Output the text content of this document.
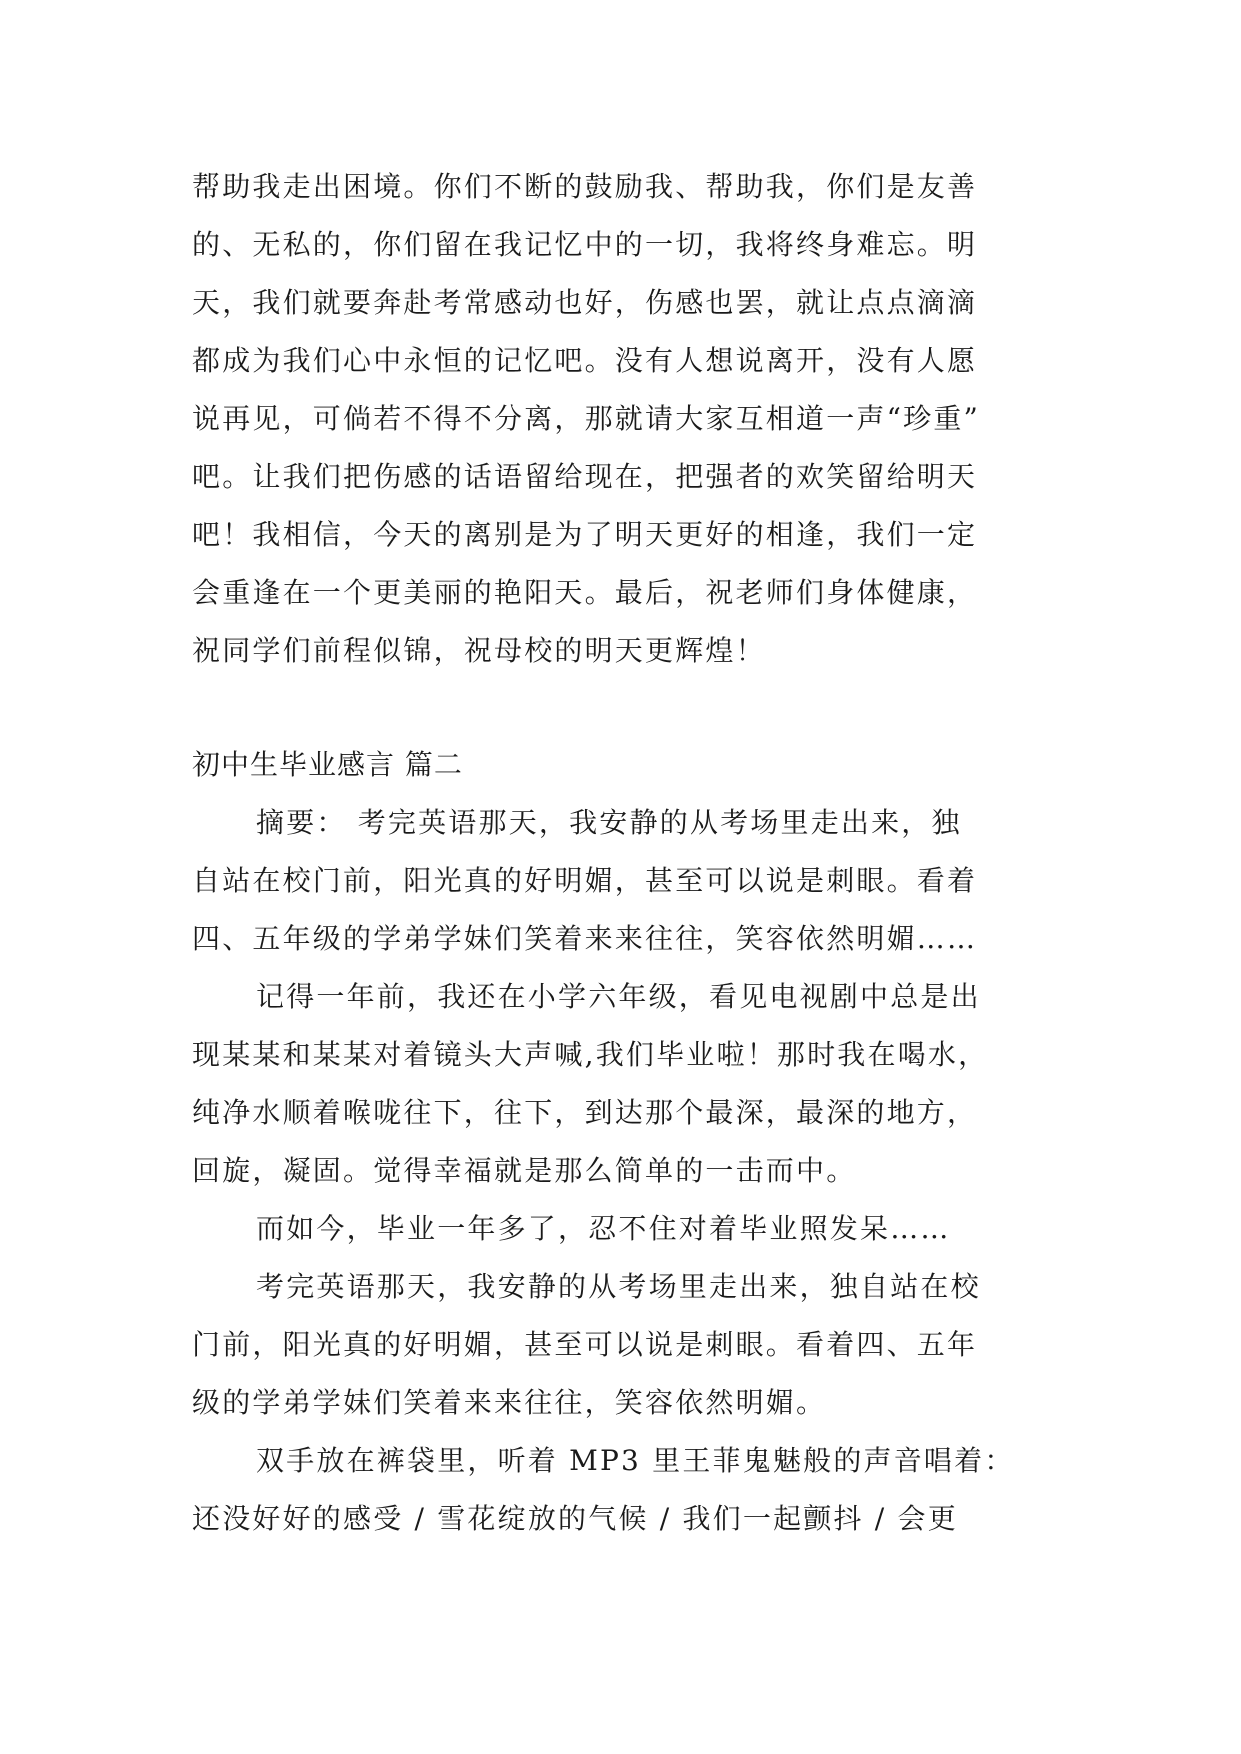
帮助我走出困境。你们不断的鼓励我、帮助我，你们是友善
的、无私的，你们留在我记忆中的一切，我将终身难忘。明
天，我们就要奔赴考常感动也好，伤感也罢，就让点点滴滴
都成为我们心中永恒的记忆吧。没有人想说离开，没有人愿
说再见，可倘若不得不分离，那就请大家互相道一声“珍重”
吧。让我们把伤感的话语留给现在，把强者的欢笑留给明天
吧！我相信，今天的离别是为了明天更好的相逢，我们一定
会重逢在一个更美丽的艳阳天。最后，祝老师们身体健康，
祝同学们前程似锦，祝母校的明天更辉煌！
初中生毕业感言 篇二
摘要： 考完英语那天，我安静的从考场里走出来，独
自站在校门前，阳光真的好明媚，甚至可以说是刺眼。看着
四、五年级的学弟学妹们笑着来来往往，笑容依然明媚……
记得一年前，我还在小学六年级，看见电视剧中总是出
现某某和某某对着镜头大声喊,我们毕业啦！那时我在喝水，
纯净水顺着喉咙往下，往下，到达那个最深，最深的地方，
回旋，凝固。觉得幸福就是那么简单的一击而中。
而如今，毕业一年多了，忍不住对着毕业照发呆……
考完英语那天，我安静的从考场里走出来，独自站在校
门前，阳光真的好明媚，甚至可以说是刺眼。看着四、五年
级的学弟学妹们笑着来来往往，笑容依然明媚。
双手放在裤袋里，听着 MP3 里王菲鬼魅般的声音唱着：
还没好好的感受 / 雪花绽放的气候 / 我们一起颤抖 / 会更
